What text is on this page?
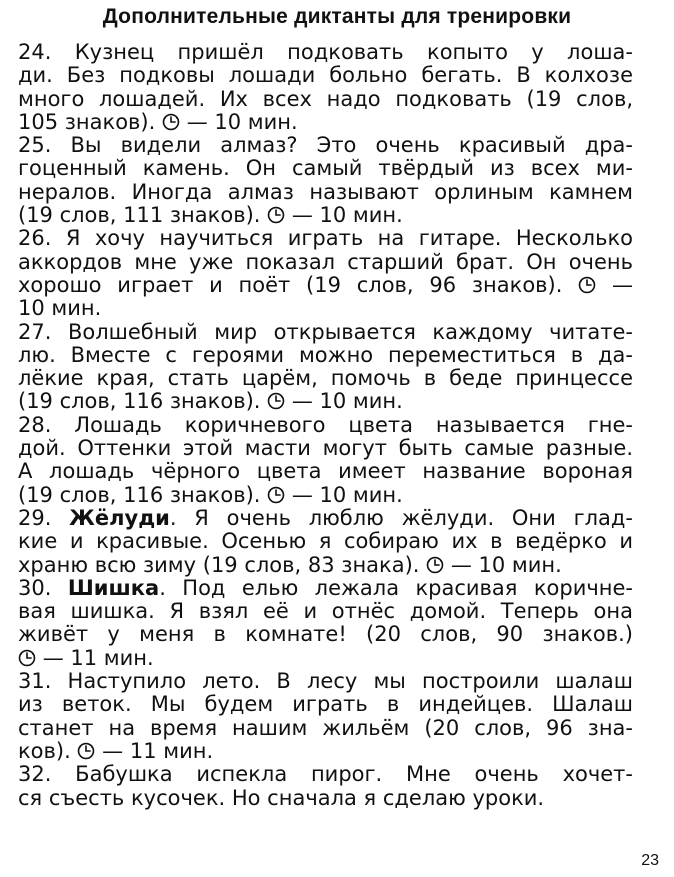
Дополнительные диктанты для тренировки
24. Кузнец пришёл подковать копыто у лоша-
ди. Без подковы лошади больно бегать. В колхозе
много лошадей. Их всех надо подковать (19 слов,
105 знаков). — 10 мин.
25. Вы видели алмаз? Это очень красивый дра-
гоценный камень. Он самый твёрдый из всех ми-
нералов. Иногда алмаз называют орлиным камнем
(19 слов, 111 знаков). — 10 мин.
26. Я хочу научиться играть на гитаре. Несколько
аккордов мне уже показал старший брат. Он очень
хорошо играет и поёт (19 слов, 96 знаков). —
10 мин.
27. Волшебный мир открывается каждому читате-
лю. Вместе с героями можно переместиться в да-
лёкие края, стать царём, помочь в беде принцессе
(19 слов, 116 знаков). — 10 мин.
28. Лошадь коричневого цвета называется гне-
дой. Оттенки этой масти могут быть самые разные.
А лошадь чёрного цвета имеет название вороная
(19 слов, 116 знаков). — 10 мин.
29. Жёлуди. Я очень люблю жёлуди. Они глад-
кие и красивые. Осенью я собираю их в ведёрко и
храню всю зиму (19 слов, 83 знака). — 10 мин.
30. Шишка. Под елью лежала красивая коричне-
вая шишка. Я взял её и отнёс домой. Теперь она
живёт у меня в комнате! (20 слов, 90 знаков.)
— 11 мин.
31. Наступило лето. В лесу мы построили шалаш
из веток. Мы будем играть в индейцев. Шалаш
станет на время нашим жильём (20 слов, 96 зна-
ков). — 11 мин.
32. Бабушка испекла пирог. Мне очень хочет-
ся съесть кусочек. Но сначала я сделаю уроки.
23
